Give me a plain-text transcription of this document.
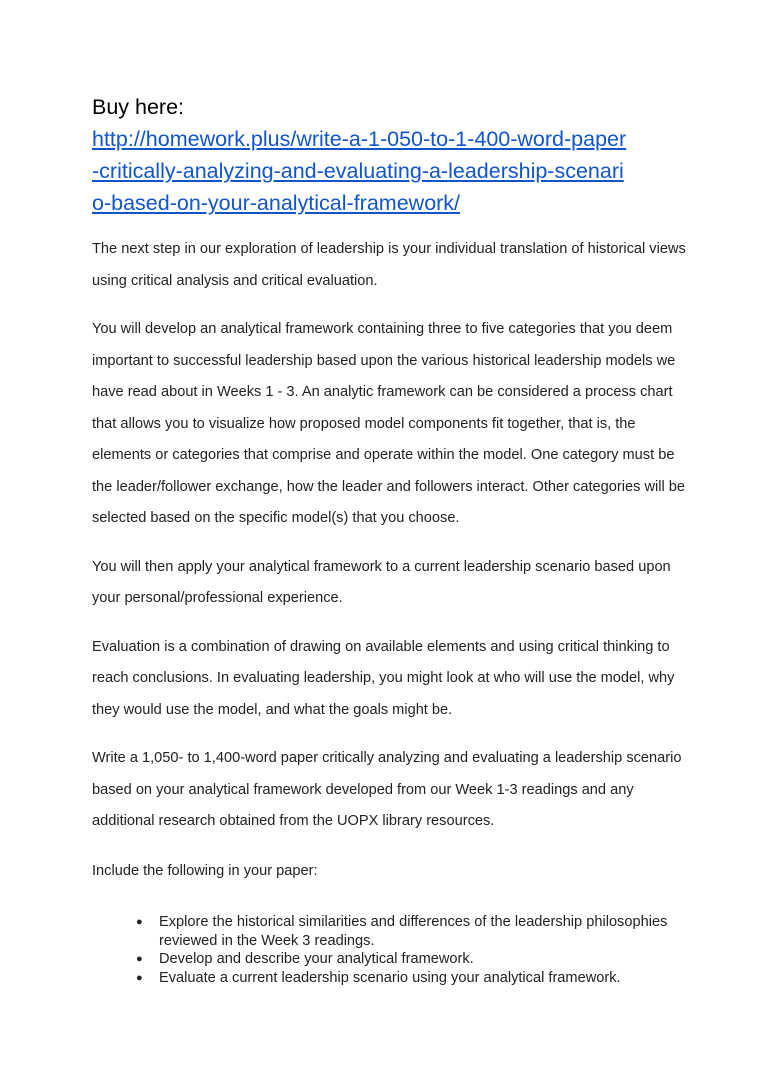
Buy here:
http://homework.plus/write-a-1-050-to-1-400-word-paper
-critically-analyzing-and-evaluating-a-leadership-scenari
o-based-on-your-analytical-framework/
The next step in our exploration of leadership is your individual translation of historical views
using critical analysis and critical evaluation.
You will develop an analytical framework containing three to five categories that you deem
important to successful leadership based upon the various historical leadership models we
have read about in Weeks 1 - 3. An analytic framework can be considered a process chart
that allows you to visualize how proposed model components fit together, that is, the
elements or categories that comprise and operate within the model. One category must be
the leader/follower exchange, how the leader and followers interact. Other categories will be
selected based on the specific model(s) that you choose.
You will then apply your analytical framework to a current leadership scenario based upon
your personal/professional experience.
Evaluation is a combination of drawing on available elements and using critical thinking to
reach conclusions. In evaluating leadership, you might look at who will use the model, why
they would use the model, and what the goals might be.
Write a 1,050- to 1,400-word paper critically analyzing and evaluating a leadership scenario
based on your analytical framework developed from our Week 1-3 readings and any
additional research obtained from the UOPX library resources.
Include the following in your paper:
● Explore the historical similarities and differences of the leadership philosophies
reviewed in the Week 3 readings.
● Develop and describe your analytical framework.
● Evaluate a current leadership scenario using your analytical framework.
